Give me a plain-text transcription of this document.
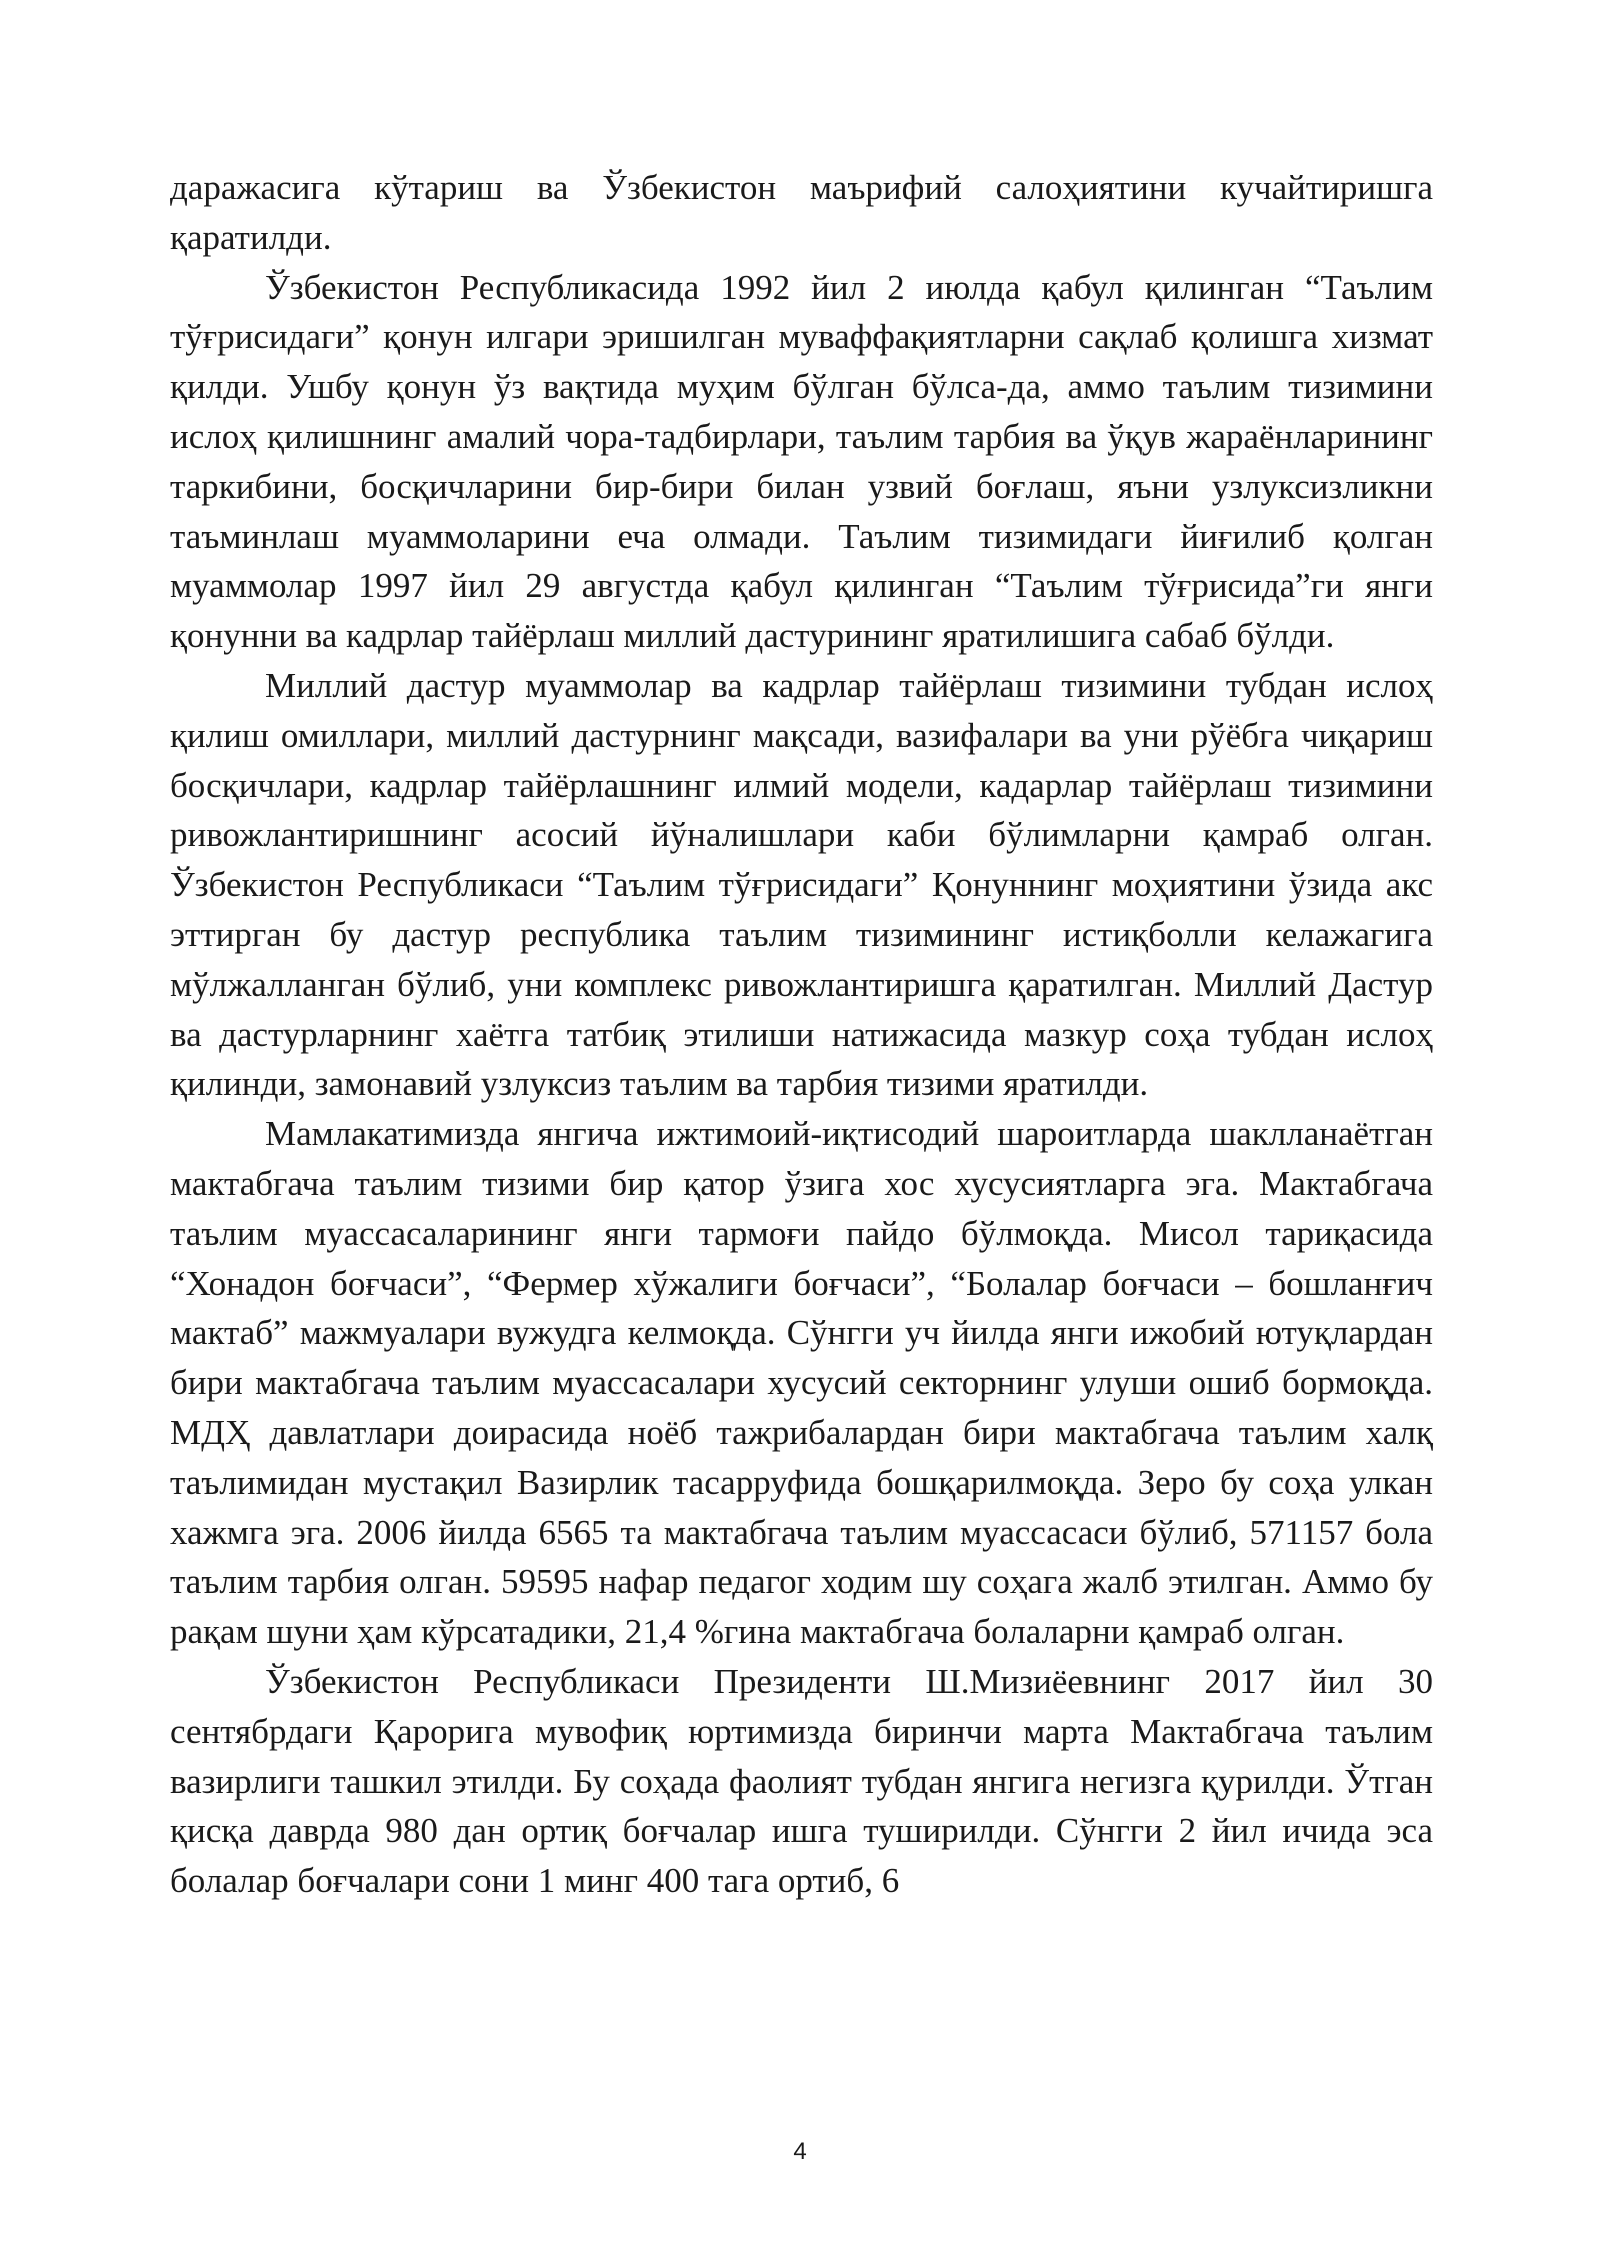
даражасига кўтариш ва Ўзбекистон маърифий салоҳиятини кучайтиришга қаратилди.

Ўзбекистон Республикасида 1992 йил 2 июлда қабул қилинган “Таълим тўғрисидаги” қонун илгари эришилган муваффақиятларни сақлаб қолишга хизмат қилди. Ушбу қонун ўз вақтида муҳим бўлган бўлса-да, аммо таълим тизимини ислоҳ қилишнинг амалий чора-тадбирлари, таълим тарбия ва ўқув жараёнларининг таркибини, босқичларини бир-бири билан узвий боғлаш, яъни узлуксизликни таъминлаш муаммоларини еча олмади. Таълим тизимидаги йиғилиб қолган муаммолар 1997 йил 29 августда қабул қилинган “Таълим тўғрисида”ги янги қонунни ва кадрлар тайёрлаш миллий дастурининг яратилишига сабаб бўлди.

Миллий дастур муаммолар ва кадрлар тайёрлаш тизимини тубдан ислоҳ қилиш омиллари, миллий дастурнинг мақсади, вазифалари ва уни рўёбга чиқариш босқичлари, кадрлар тайёрлашнинг илмий модели, кадарлар тайёрлаш тизимини ривожлантиришнинг асосий йўналишлари каби бўлимларни қамраб олган. Ўзбекистон Республикаси “Таълим тўғрисидаги” Қонуннинг моҳиятини ўзида акс эттирган бу дастур республика таълим тизимининг истиқболли келажагига мўлжалланган бўлиб, уни комплекс ривожлантиришга қаратилган. Миллий Дастур ва дастурларнинг хаётга татбиқ этилиши натижасида мазкур соҳа тубдан ислоҳ қилинди, замонавий узлуксиз таълим ва тарбия тизими яратилди.

Мамлакатимизда янгича ижтимоий-иқтисодий шароитларда шаклланаётган мактабгача таълим тизими бир қатор ўзига хос хусусиятларга эга. Мактабгача таълим муассасаларининг янги тармоғи пайдо бўлмоқда. Мисол тариқасида “Хонадон боғчаси”, “Фермер хўжалиги боғчаси”, “Болалар боғчаси – бошланғич мактаб” мажмуалари вужудга келмоқда. Сўнгги уч йилда янги ижобий ютуқлардан бири мактабгача таълим муассасалари хусусий секторнинг улуши ошиб бормоқда. МДҲ давлатлари доирасида ноёб тажрибалардан бири мактабгача таълим халқ таълимидан мустақил Вазирлик тасарруфида бошқарилмоқда. Зеро бу соҳа улкан хажмга эга. 2006 йилда 6565 та мактабгача таълим муассасаси бўлиб, 571157 бола таълим тарбия олган. 59595 нафар педагог ходим шу соҳага жалб этилган. Аммо бу рақам шуни ҳам кўрсатадики, 21,4 %гина мактабгача болаларни қамраб олган.

Ўзбекистон Республикаси Президенти Ш.Мизиёевнинг 2017 йил 30 сентябрдаги Қарорига мувофиқ юртимизда биринчи марта Мактабгача таълим вазирлиги ташкил этилди. Бу соҳада фаолият тубдан янгига негизга қурилди. Ўтган қисқа даврда 980 дан ортиқ боғчалар ишга туширилди. Сўнгги 2 йил ичида эса болалар боғчалари сони 1 минг 400 тага ортиб, 6

4
